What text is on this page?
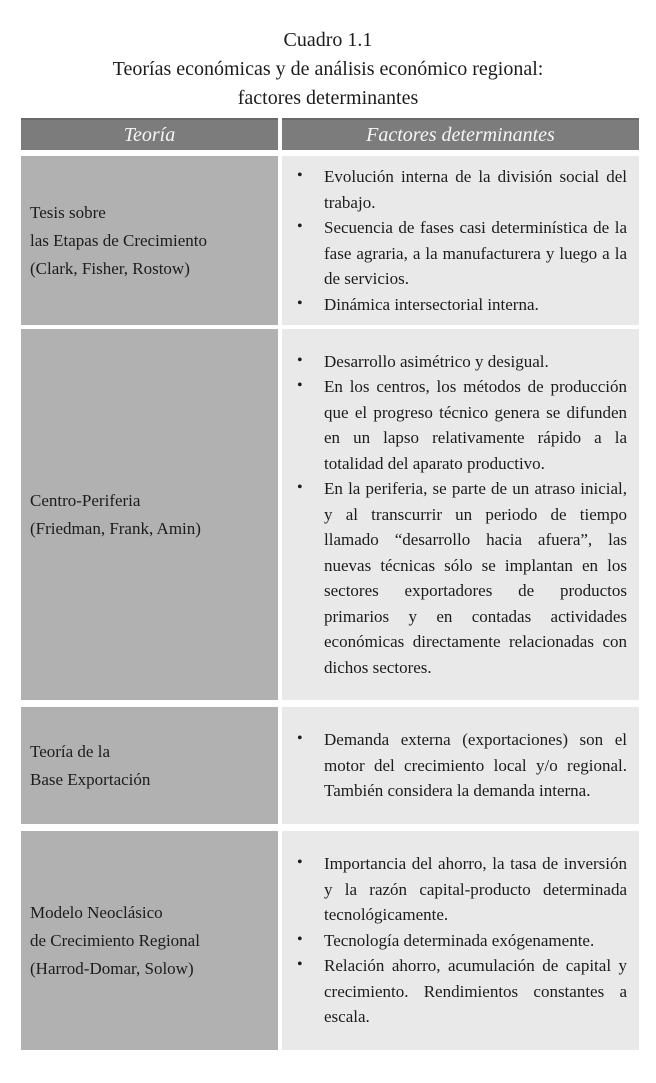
Cuadro 1.1
Teorías económicas y de análisis económico regional:
factores determinantes
Teoría	Factores determinantes
Tesis sobre
las Etapas de Crecimiento
(Clark, Fisher, Rostow)
• Evolución interna de la división social del trabajo.
• Secuencia de fases casi determinística de la fase agraria, a la manufacturera y luego a la de servicios.
• Dinámica intersectorial interna.
Centro-Periferia
(Friedman, Frank, Amin)
• Desarrollo asimétrico y desigual.
• En los centros, los métodos de producción que el progreso técnico genera se difunden en un lapso relativamente rápido a la totalidad del aparato productivo.
• En la periferia, se parte de un atraso inicial, y al transcurrir un periodo de tiempo llamado “desarrollo hacia afuera”, las nuevas técnicas sólo se implantan en los sectores exportadores de productos primarios y en contadas actividades económicas directamente relacionadas con dichos sectores.
Teoría de la
Base Exportación
• Demanda externa (exportaciones) son el motor del crecimiento local y/o regional. También considera la demanda interna.
Modelo Neoclásico
de Crecimiento Regional
(Harrod-Domar, Solow)
• Importancia del ahorro, la tasa de inversión y la razón capital-producto determinada tecnológicamente.
• Tecnología determinada exógenamente.
• Relación ahorro, acumulación de capital y crecimiento. Rendimientos constantes a escala.
